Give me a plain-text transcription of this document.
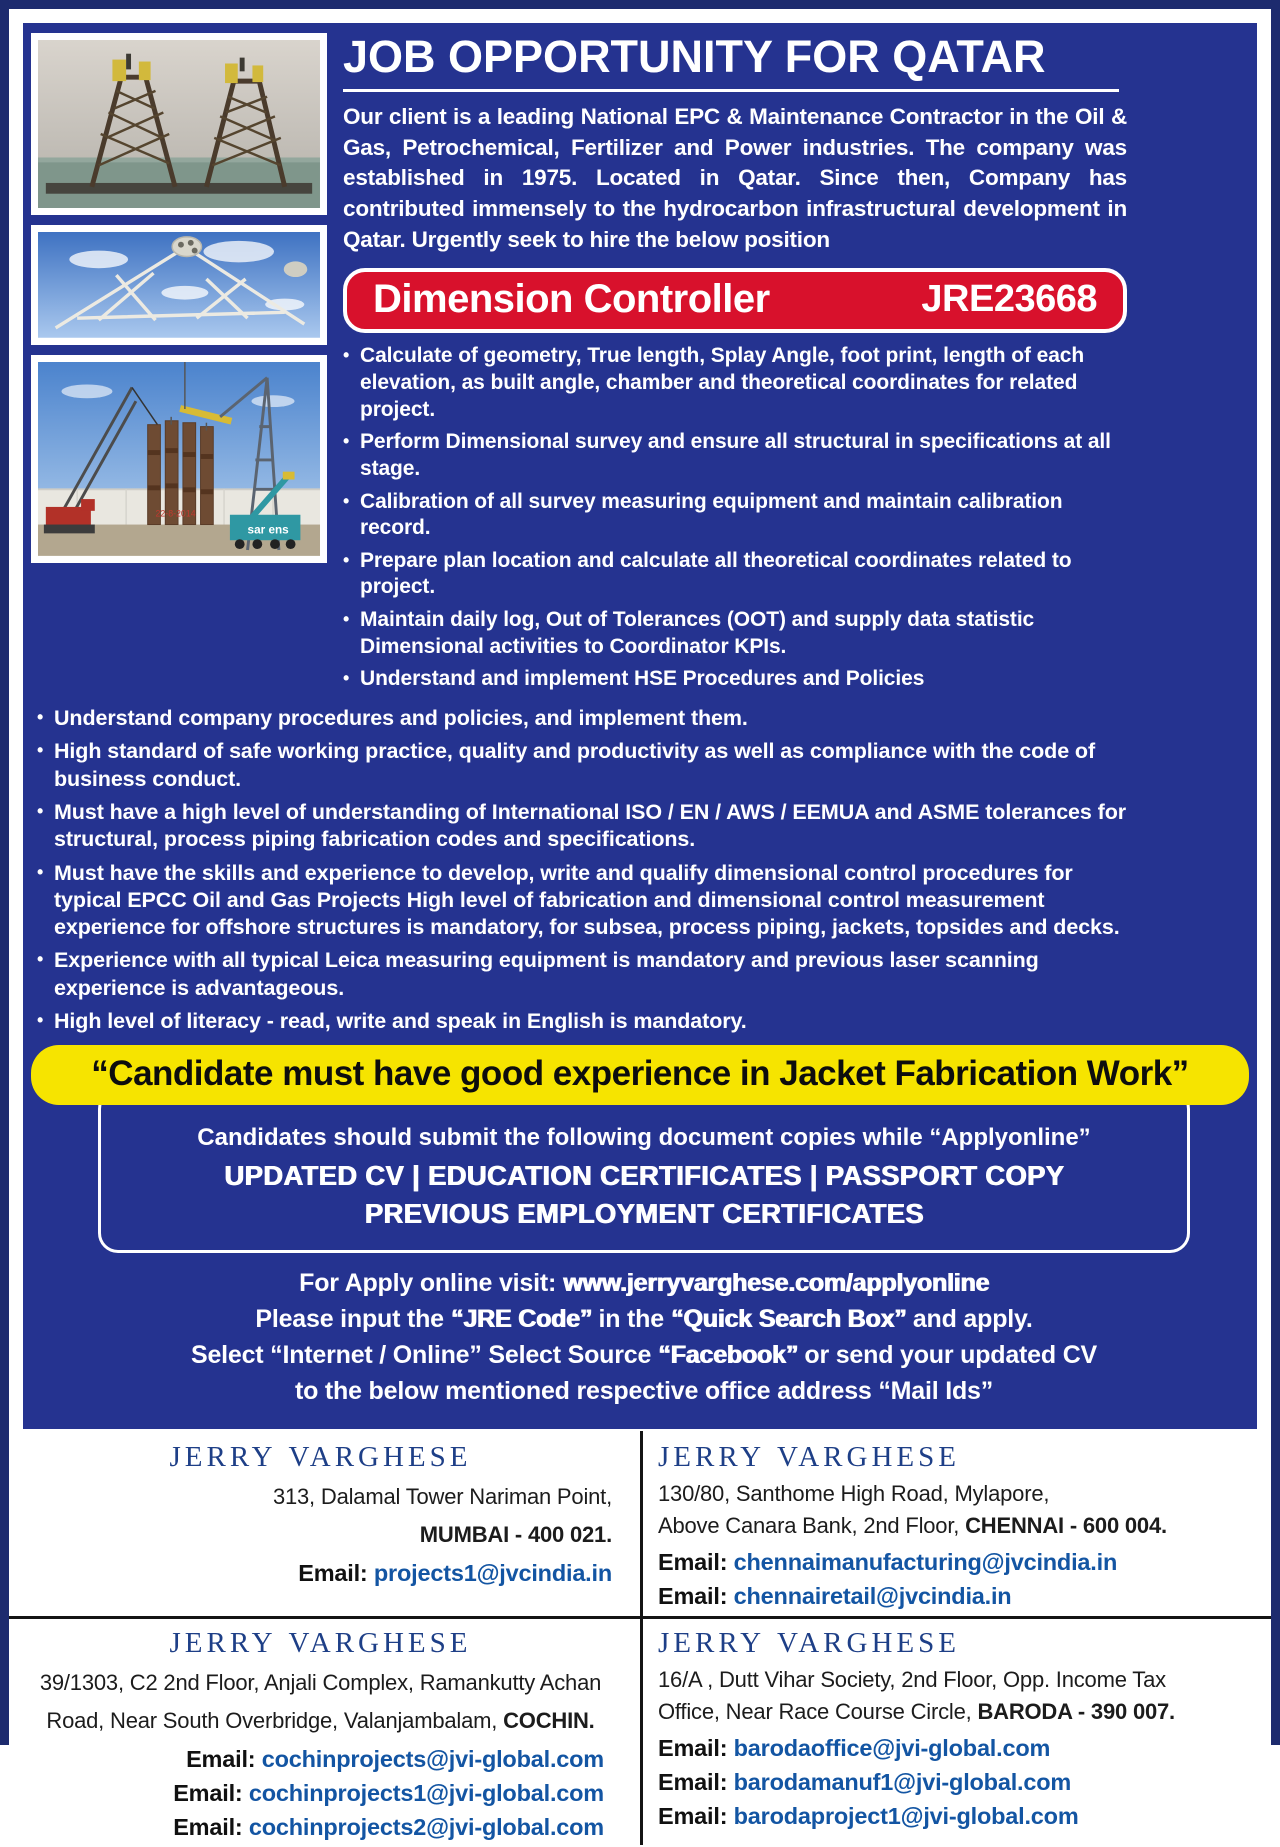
sar ens
22-8-2014
JOB OPPORTUNITY FOR QATAR

Our client is a leading National EPC & Maintenance Contractor in the Oil & Gas, Petrochemical, Fertilizer and Power industries. The company was established in 1975. Located in Qatar. Since then, Company has contributed immensely to the hydrocarbon infrastructural development in Qatar. Urgently seek to hire the below position

Dimension Controller	JRE23668
• Calculate of geometry, True length, Splay Angle, foot print, length of each elevation, as built angle, chamber and theoretical coordinates for related project.
• Perform Dimensional survey and ensure all structural in specifications at all stage.
• Calibration of all survey measuring equipment and maintain calibration record.
• Prepare plan location and calculate all theoretical coordinates related to project.
• Maintain daily log, Out of Tolerances (OOT) and supply data statistic Dimensional activities to Coordinator KPIs.
• Understand and implement HSE Procedures and Policies
• Understand company procedures and policies, and implement them.
• High standard of safe working practice, quality and productivity as well as compliance with the code of business conduct.
• Must have a high level of understanding of International ISO / EN / AWS / EEMUA and ASME tolerances for structural, process piping fabrication codes and specifications.
• Must have the skills and experience to develop, write and qualify dimensional control procedures for typical EPCC Oil and Gas Projects High level of fabrication and dimensional control measurement experience for offshore structures is mandatory, for subsea, process piping, jackets, topsides and decks.
• Experience with all typical Leica measuring equipment is mandatory and previous laser scanning experience is advantageous.
• High level of literacy - read, write and speak in English is mandatory.
“Candidate must have good experience in Jacket Fabrication Work”
Candidates should submit the following document copies while “Applyonline”
UPDATED CV | EDUCATION CERTIFICATES | PASSPORT COPY
PREVIOUS EMPLOYMENT CERTIFICATES
For Apply online visit: www.jerryvarghese.com/applyonline
Please input the “JRE Code” in the “Quick Search Box” and apply.
Select “Internet / Online” Select Source “Facebook” or send your updated CV
to the below mentioned respective office address “Mail Ids”
JERRY VARGHESE
313, Dalamal Tower Nariman Point,
MUMBAI - 400 021.
Email: projects1@jvcindia.in
JERRY VARGHESE
130/80, Santhome High Road, Mylapore,
Above Canara Bank, 2nd Floor, CHENNAI - 600 004.
Email: chennaimanufacturing@jvcindia.in
Email: chennairetail@jvcindia.in
JERRY VARGHESE
39/1303, C2 2nd Floor, Anjali Complex, Ramankutty Achan
Road, Near South Overbridge, Valanjambalam, COCHIN.
Email: cochinprojects@jvi-global.com
Email: cochinprojects1@jvi-global.com
Email: cochinprojects2@jvi-global.com
JERRY VARGHESE
16/A , Dutt Vihar Society, 2nd Floor, Opp. Income Tax
Office, Near Race Course Circle, BARODA - 390 007.
Email: barodaoffice@jvi-global.com
Email: barodamanuf1@jvi-global.com
Email: barodaproject1@jvi-global.com
